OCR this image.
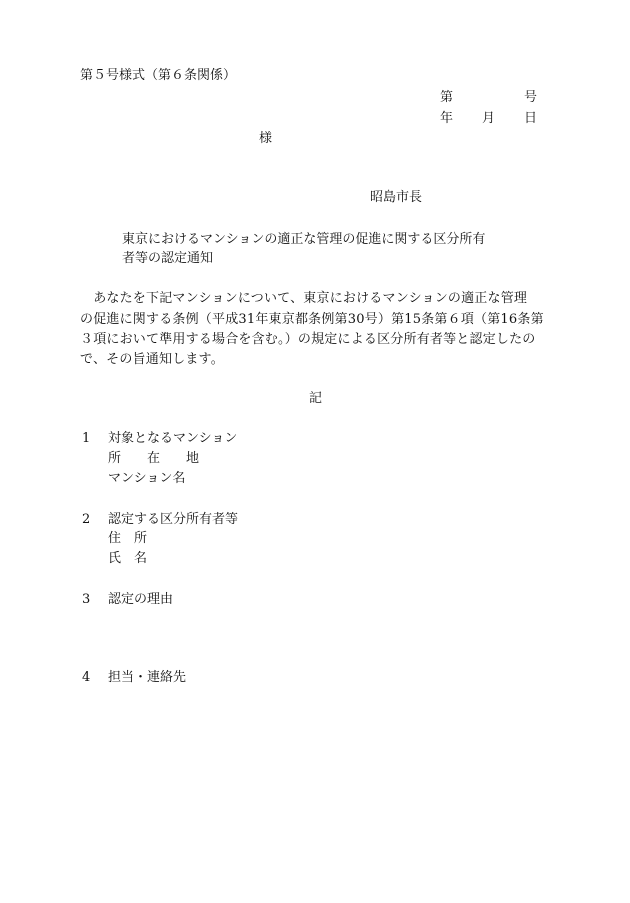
第５号様式（第６条関係）
第	号
年 月 日
様
昭島市長
東京におけるマンションの適正な管理の促進に関する区分所有
者等の認定通知
　あなたを下記マンションについて、東京におけるマンションの適正な管理
の促進に関する条例（平成31年東京都条例第30号）第15条第６項（第16条第
３項において準用する場合を含む。）の規定による区分所有者等と認定したの
で、その旨通知します。
記
1 対象となるマンション
所　　在　　地
マンション名
2 認定する区分所有者等
住　所
氏　名
3 認定の理由
4 担当・連絡先
